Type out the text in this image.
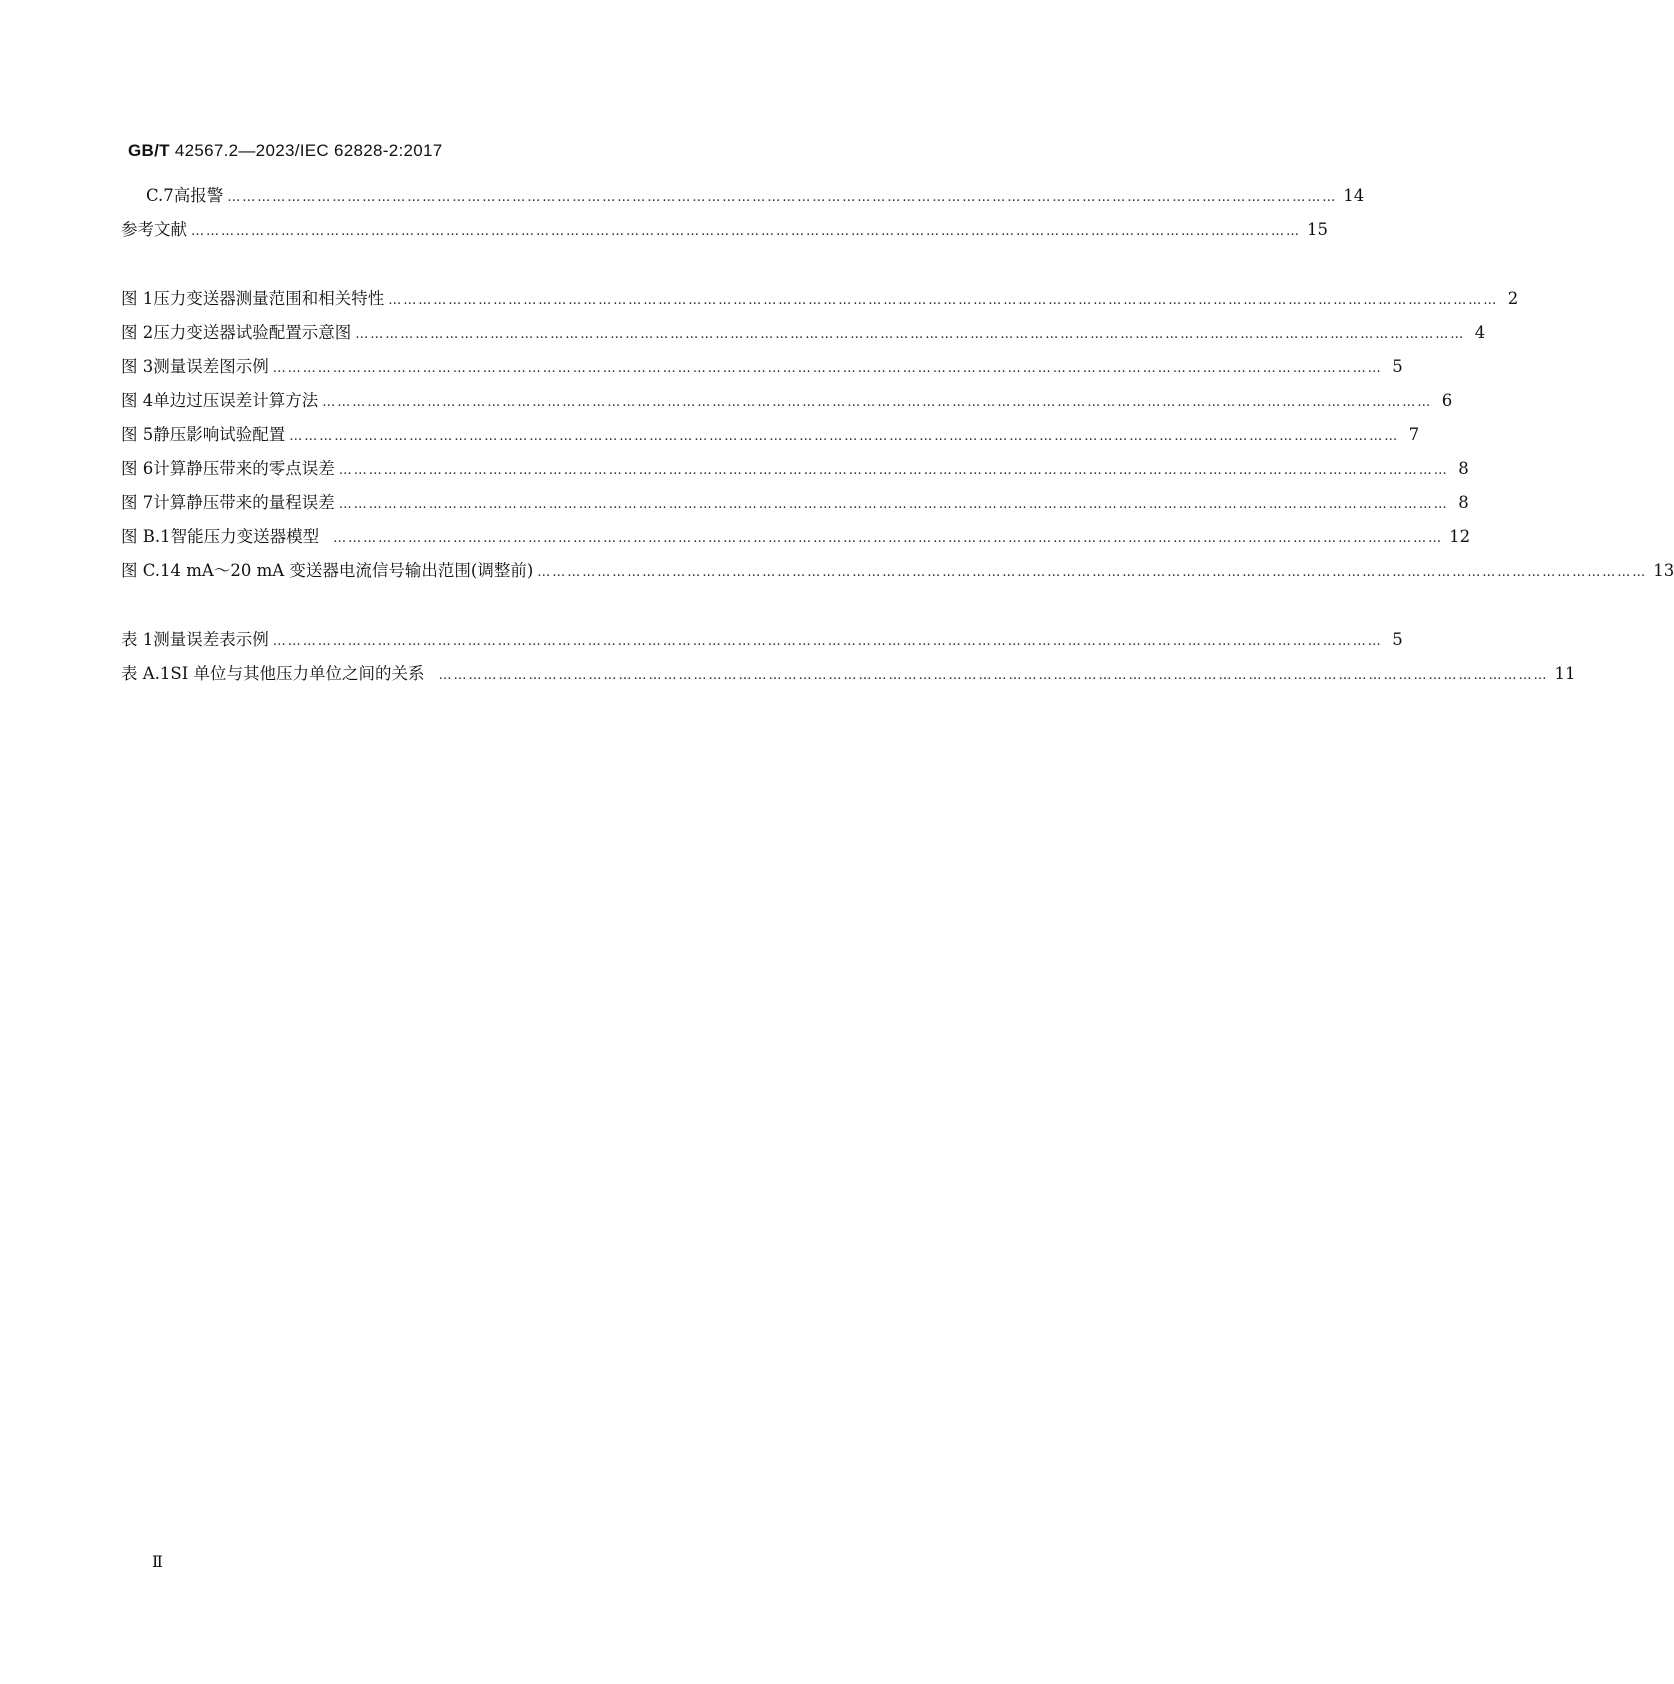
GB/T 42567.2—2023/IEC 62828-2:2017
C.7 高报警 …………………………………………………………………………………………………………………………………………………………………………………………………… 14
参考文献 …………………………………………………………………………………………………………………………………………………………………………………………………… 15
图 1 压力变送器测量范围和相关特性 …………………………………………………………………………………………………………………………………………………………………………………………………… 2
图 2 压力变送器试验配置示意图 …………………………………………………………………………………………………………………………………………………………………………………………………… 4
图 3 测量误差图示例 …………………………………………………………………………………………………………………………………………………………………………………………………… 5
图 4 单边过压误差计算方法 …………………………………………………………………………………………………………………………………………………………………………………………………… 6
图 5 静压影响试验配置 …………………………………………………………………………………………………………………………………………………………………………………………………… 7
图 6 计算静压带来的零点误差 …………………………………………………………………………………………………………………………………………………………………………………………………… 8
图 7 计算静压带来的量程误差 …………………………………………………………………………………………………………………………………………………………………………………………………… 8
图 B.1 智能压力变送器模型 …………………………………………………………………………………………………………………………………………………………………………………………………… 12
图 C.1 4 mA～20 mA 变送器电流信号输出范围(调整前) …………………………………………………………………………………………………………………………………………………………………………………………………… 13
表 1 测量误差表示例 …………………………………………………………………………………………………………………………………………………………………………………………………… 5
表 A.1 SI 单位与其他压力单位之间的关系 …………………………………………………………………………………………………………………………………………………………………………………………………… 11
Ⅱ
